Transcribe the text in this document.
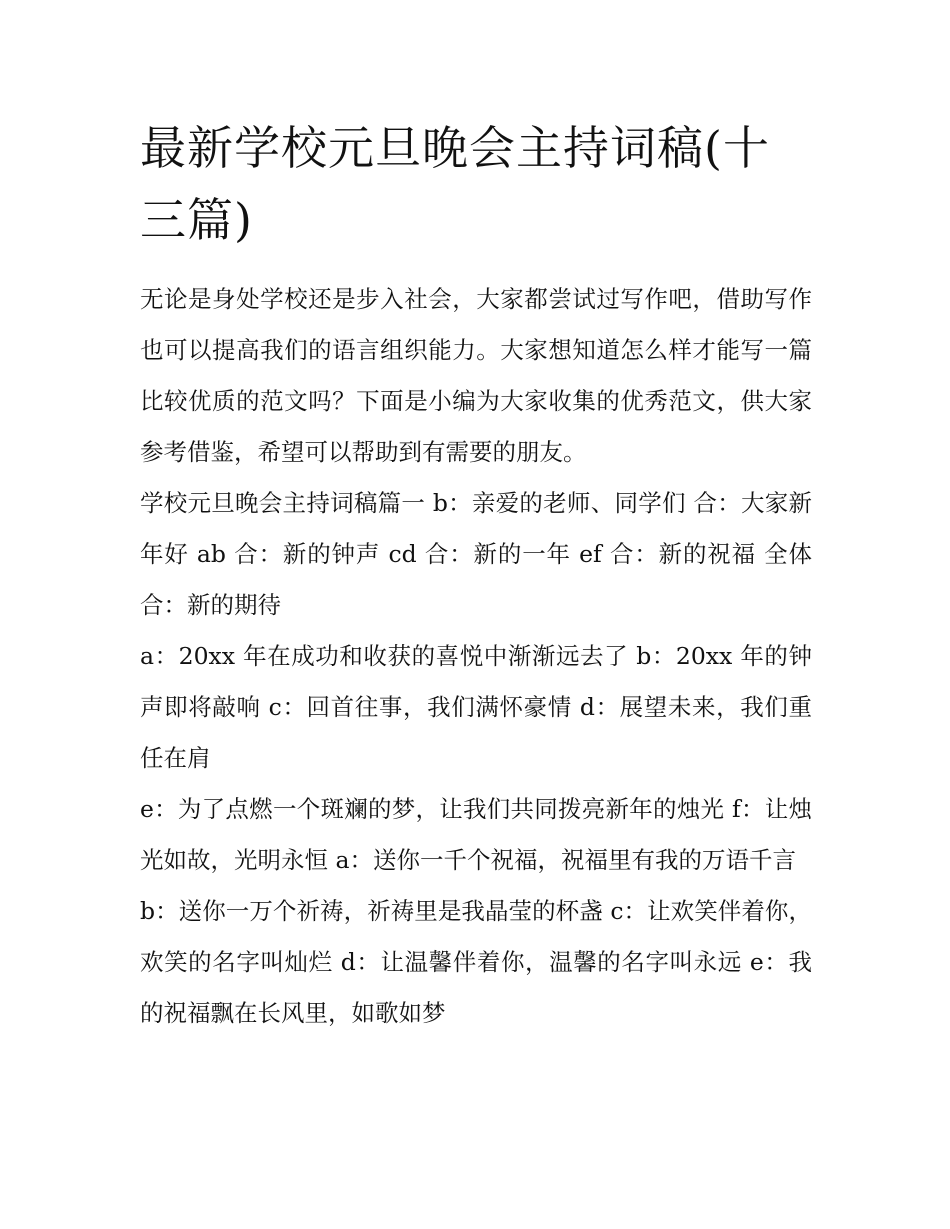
最新学校元旦晚会主持词稿(十三篇)

无论是身处学校还是步入社会，大家都尝试过写作吧，借助写作也可以提高我们的语言组织能力。大家想知道怎么样才能写一篇比较优质的范文吗？下面是小编为大家收集的优秀范文，供大家参考借鉴，希望可以帮助到有需要的朋友。

学校元旦晚会主持词稿篇一 b：亲爱的老师、同学们 合：大家新年好 ab 合：新的钟声 cd 合：新的一年 ef 合：新的祝福 全体合：新的期待

a：20xx 年在成功和收获的喜悦中渐渐远去了 b：20xx 年的钟声即将敲响 c：回首往事，我们满怀豪情 d：展望未来，我们重任在肩

e：为了点燃一个斑斓的梦，让我们共同拨亮新年的烛光 f：让烛光如故，光明永恒 a：送你一千个祝福，祝福里有我的万语千言

b：送你一万个祈祷，祈祷里是我晶莹的杯盏 c：让欢笑伴着你，欢笑的名字叫灿烂 d：让温馨伴着你，温馨的名字叫永远 e：我的祝福飘在长风里，如歌如梦
